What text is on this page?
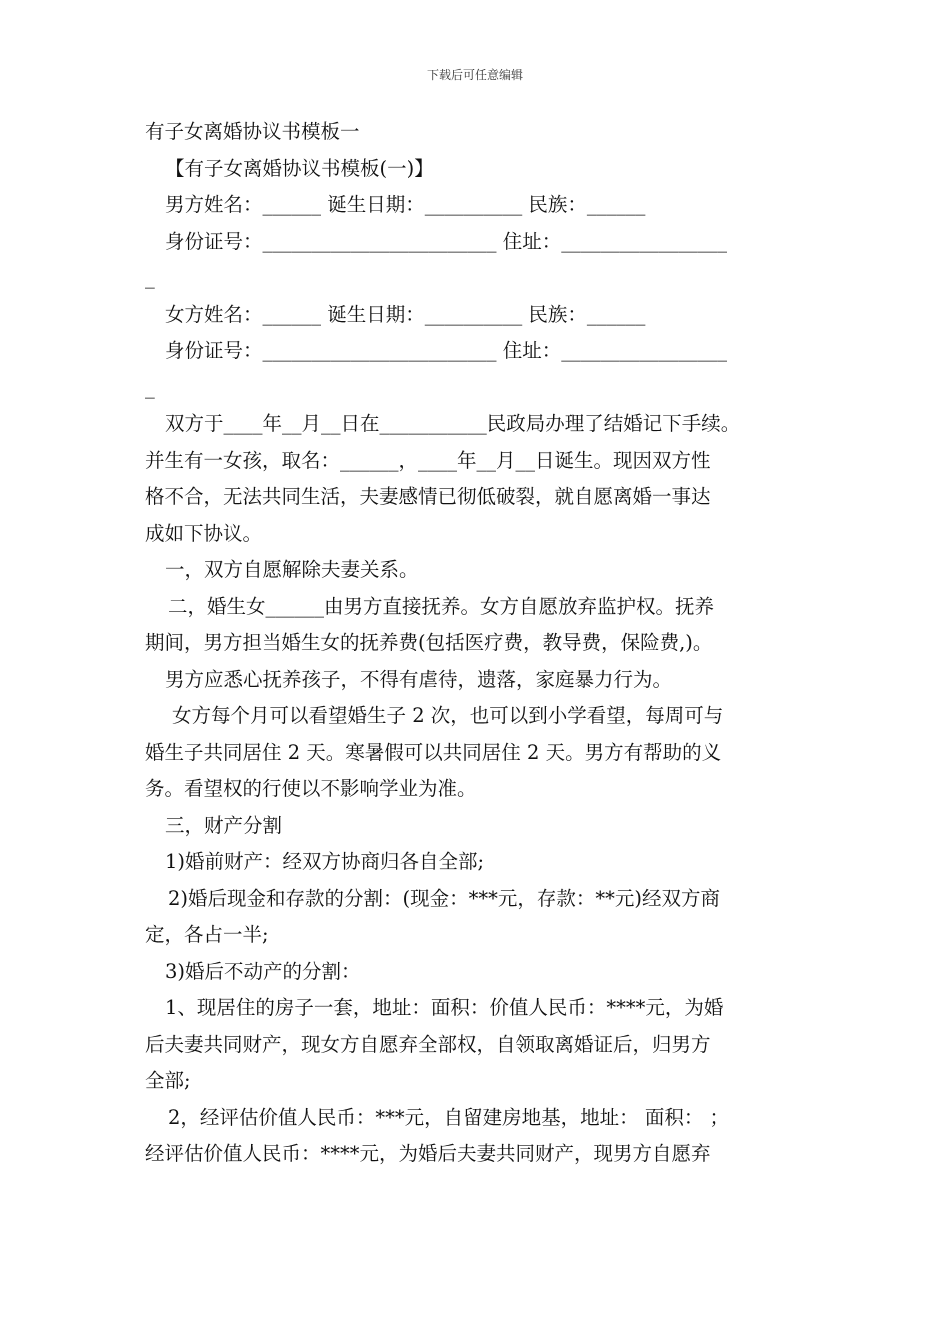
下载后可任意编辑
有子女离婚协议书模板一
【有子女离婚协议书模板(一)】
男方姓名：______ 诞生日期：__________ 民族：______
身份证号：________________________ 住址：_________________
_
女方姓名：______ 诞生日期：__________ 民族：______
身份证号：________________________ 住址：_________________
_
双方于____年__月__日在___________民政局办理了结婚记下手续。
并生有一女孩，取名：______，____年__月__日诞生。现因双方性
格不合，无法共同生活，夫妻感情已彻低破裂，就自愿离婚一事达
成如下协议。
一，双方自愿解除夫妻关系。
二，婚生女______由男方直接抚养。女方自愿放弃监护权。抚养
期间，男方担当婚生女的抚养费(包括医疗费，教导费，保险费,)。
男方应悉心抚养孩子，不得有虐待，遗落，家庭暴力行为。
女方每个月可以看望婚生子 2 次，也可以到小学看望，每周可与
婚生子共同居住 2 天。寒暑假可以共同居住 2 天。男方有帮助的义
务。看望权的行使以不影响学业为准。
三，财产分割
1)婚前财产：经双方协商归各自全部;
2)婚后现金和存款的分割：(现金：***元，存款：**元)经双方商
定，各占一半;
3)婚后不动产的分割：
1、现居住的房子一套，地址：面积：价值人民币：****元，为婚
后夫妻共同财产，现女方自愿弃全部权，自领取离婚证后，归男方
全部;
2，经评估价值人民币：***元，自留建房地基，地址： 面积： ；
经评估价值人民币：****元，为婚后夫妻共同财产，现男方自愿弃
